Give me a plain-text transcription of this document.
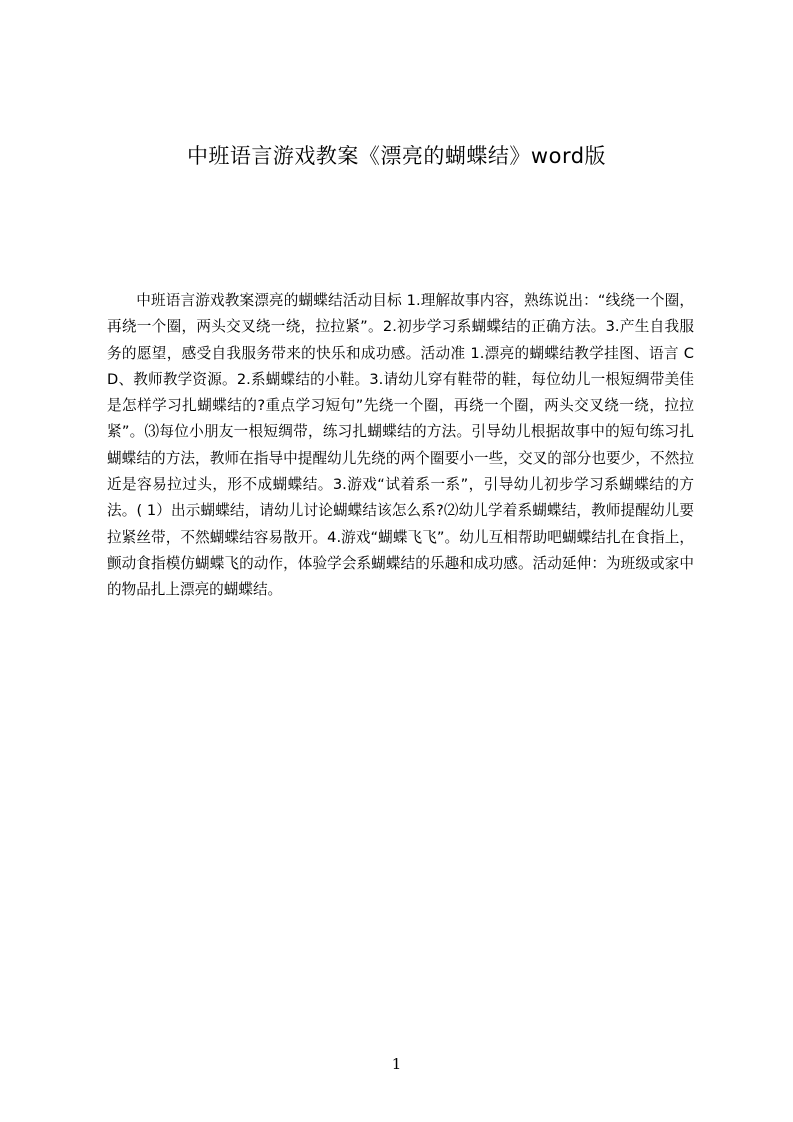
中班语言游戏教案《漂亮的蝴蝶结》word版

中班语言游戏教案漂亮的蝴蝶结活动目标 1.理解故事内容，熟练说出：“线绕一个圈，再绕一个圈，两头交叉绕一绕，拉拉紧”。2.初步学习系蝴蝶结的正确方法。3.产生自我服务的愿望，感受自我服务带来的快乐和成功感。活动准 1.漂亮的蝴蝶结教学挂图、语言 CD、教师教学资源。2.系蝴蝶结的小鞋。3.请幼儿穿有鞋带的鞋，每位幼儿一根短绸带美佳是怎样学习扎蝴蝶结的?重点学习短句”先绕一个圈，再绕一个圈，两头交叉绕一绕，拉拉紧”。⑶每位小朋友一根短绸带，练习扎蝴蝶结的方法。引导幼儿根据故事中的短句练习扎蝴蝶结的方法，教师在指导中提醒幼儿先绕的两个圈要小一些，交叉的部分也要少，不然拉近是容易拉过头，形不成蝴蝶结。3.游戏“试着系一系”，引导幼儿初步学习系蝴蝶结的方法。( 1）出示蝴蝶结，请幼儿讨论蝴蝶结该怎么系?⑵幼儿学着系蝴蝶结，教师提醒幼儿要拉紧丝带，不然蝴蝶结容易散开。4.游戏“蝴蝶飞飞”。幼儿互相帮助吧蝴蝶结扎在食指上，颤动食指模仿蝴蝶飞的动作，体验学会系蝴蝶结的乐趣和成功感。活动延伸：为班级或家中的物品扎上漂亮的蝴蝶结。

1
